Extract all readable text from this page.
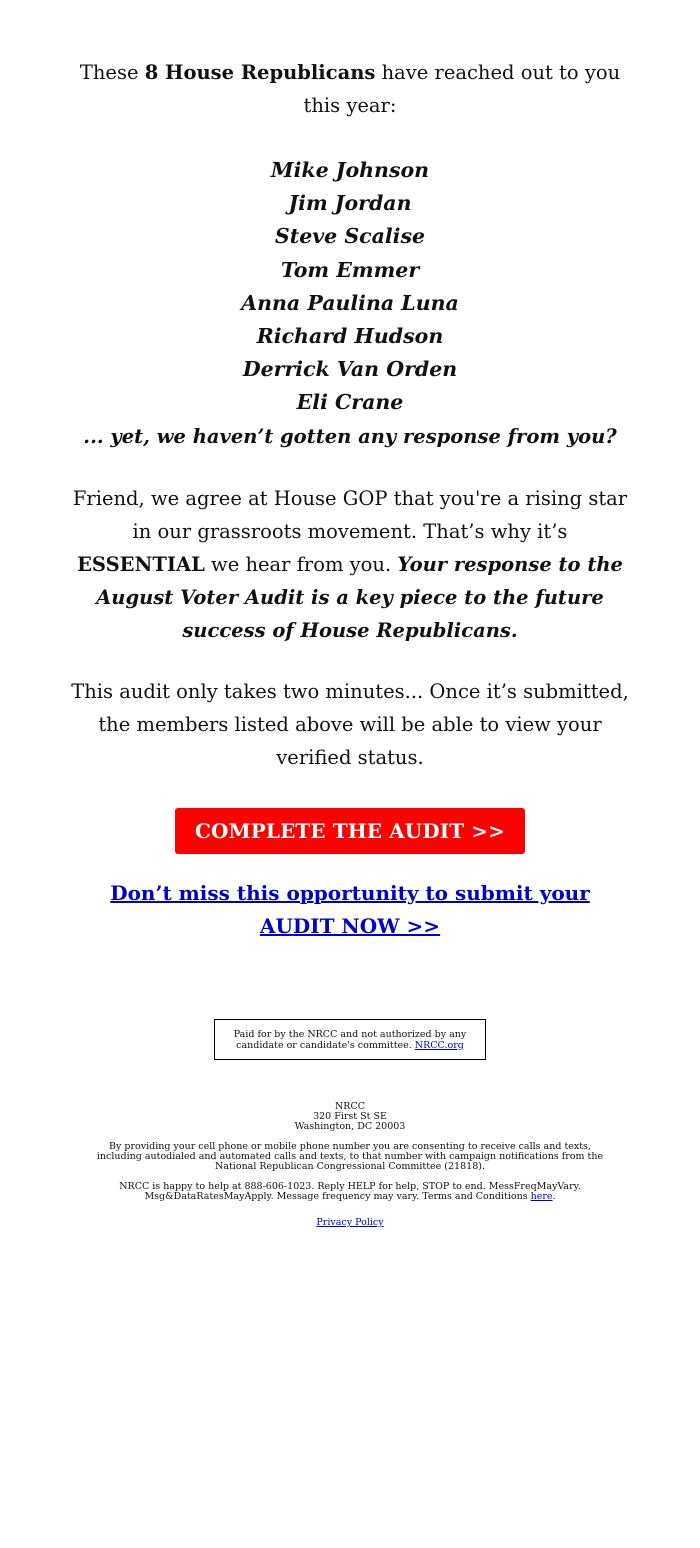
These 8 House Republicans have reached out to you this year:

Mike Johnson
Jim Jordan
Steve Scalise
Tom Emmer
Anna Paulina Luna
Richard Hudson
Derrick Van Orden
Eli Crane
... yet, we haven’t gotten any response from you?

Friend, we agree at House GOP that you're a rising star in our grassroots movement. That’s why it’s ESSENTIAL we hear from you. Your response to the August Voter Audit is a key piece to the future success of House Republicans.

This audit only takes two minutes... Once it’s submitted, the members listed above will be able to view your verified status.

COMPLETE THE AUDIT >>

Don’t miss this opportunity to submit your AUDIT NOW >>

Paid for by the NRCC and not authorized by any candidate or candidate's committee. NRCC.org
NRCC
320 First St SE
Washington, DC 20003
By providing your cell phone or mobile phone number you are consenting to receive calls and texts, including autodialed and automated calls and texts, to that number with campaign notifications from the National Republican Congressional Committee (21818).
NRCC is happy to help at 888-606-1023. Reply HELP for help, STOP to end. MessFreqMayVary. Msg&DataRatesMayApply. Message frequency may vary. Terms and Conditions here.
Privacy Policy
